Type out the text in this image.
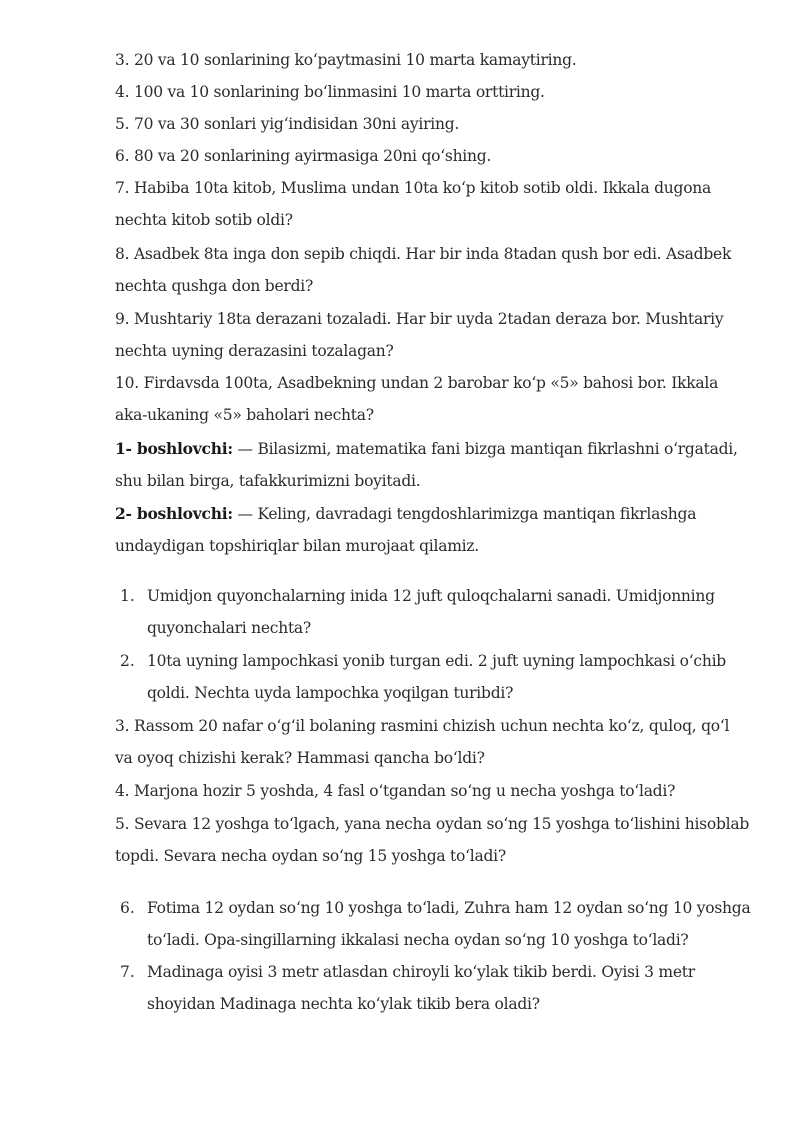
3. 20 va 10 sonlarining koʻpaytmasini 10 marta kamaytiring.
4. 100 va 10 sonlarining boʻlinmasini 10 marta orttiring.
5. 70 va 30 sonlari yigʻindisidan 30ni ayiring.
6. 80 va 20 sonlarining ayirmasiga 20ni qoʻshing.
7. Habiba 10ta kitob, Muslima undan 10ta koʻp kitob sotib oldi. Ikkala dugona
nechta kitob sotib oldi?
8. Asadbek 8ta inga don sepib chiqdi. Har bir inda 8tadan qush bor edi. Asadbek
nechta qushga don berdi?
9. Mushtariy 18ta derazani tozaladi. Har bir uyda 2tadan deraza bor. Mushtariy
nechta uyning derazasini tozalagan?
10. Firdavsda 100ta, Asadbekning undan 2 barobar koʻp «5» bahosi bor. Ikkala
aka-ukaning «5» baholari nechta?
1- boshlovchi: — Bilasizmi, matematika fani bizga mantiqan fikrlashni oʻrgatadi,
shu bilan birga, tafakkurimizni boyitadi.
2- boshlovchi: — Keling, davradagi tengdoshlarimizga mantiqan fikrlashga
undaydigan topshiriqlar bilan murojaat qilamiz.
1. Umidjon quyonchalarning inida 12 juft quloqchalarni sanadi. Umidjonning
quyonchalari nechta?
2. 10ta uyning lampochkasi yonib turgan edi. 2 juft uyning lampochkasi oʻchib
qoldi. Nechta uyda lampochka yoqilgan turibdi?
3. Rassom 20 nafar oʻgʻil bolaning rasmini chizish uchun nechta koʻz, quloq, qoʻl
va oyoq chizishi kerak? Hammasi qancha boʻldi?
4. Marjona hozir 5 yoshda, 4 fasl oʻtgandan soʻng u necha yoshga toʻladi?
5. Sevara 12 yoshga toʻlgach, yana necha oydan soʻng 15 yoshga toʻlishini hisoblab
topdi. Sevara necha oydan soʻng 15 yoshga toʻladi?
6. Fotima 12 oydan soʻng 10 yoshga toʻladi, Zuhra ham 12 oydan soʻng 10 yoshga
toʻladi. Opa-singillarning ikkalasi necha oydan soʻng 10 yoshga toʻladi?
7. Madinaga oyisi 3 metr atlasdan chiroyli koʻylak tikib berdi. Oyisi 3 metr
shoyidan Madinaga nechta koʻylak tikib bera oladi?
